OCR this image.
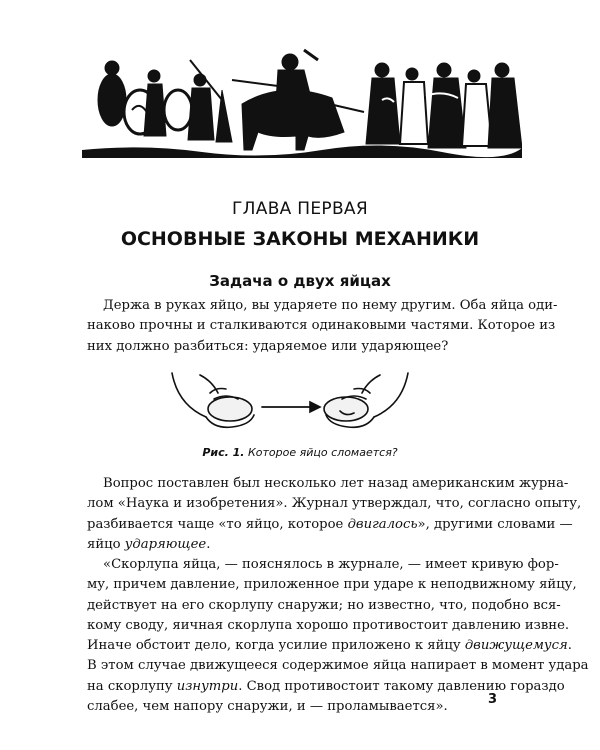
ГЛАВА ПЕРВАЯ
ОСНОВНЫЕ ЗАКОНЫ МЕХАНИКИ
Задача о двух яйцах
Держа в руках яйцо, вы ударяете по нему другим. Оба яйца оди-
наково прочны и сталкиваются одинаковыми частями. Которое из
них должно разбиться: ударяемое или ударяющее?
Рис. 1. Которое яйцо сломается?
Вопрос поставлен был несколько лет назад американским журна-
лом «Наука и изобретения». Журнал утверждал, что, согласно опыту,
разбивается чаще «то яйцо, которое двигалось», другими словами —
яйцо ударяющее.
«Скорлупа яйца, — пояснялось в журнале, — имеет кривую фор-
му, причем давление, приложенное при ударе к неподвижному яйцу,
действует на его скорлупу снаружи; но известно, что, подобно вся-
кому своду, яичная скорлупа хорошо противостоит давлению извне.
Иначе обстоит дело, когда усилие приложено к яйцу движущемуся.
В этом случае движущееся содержимое яйца напирает в момент удара
на скорлупу изнутри. Свод противостоит такому давлению гораздо
слабее, чем напору снаружи, и — проламывается».	3
